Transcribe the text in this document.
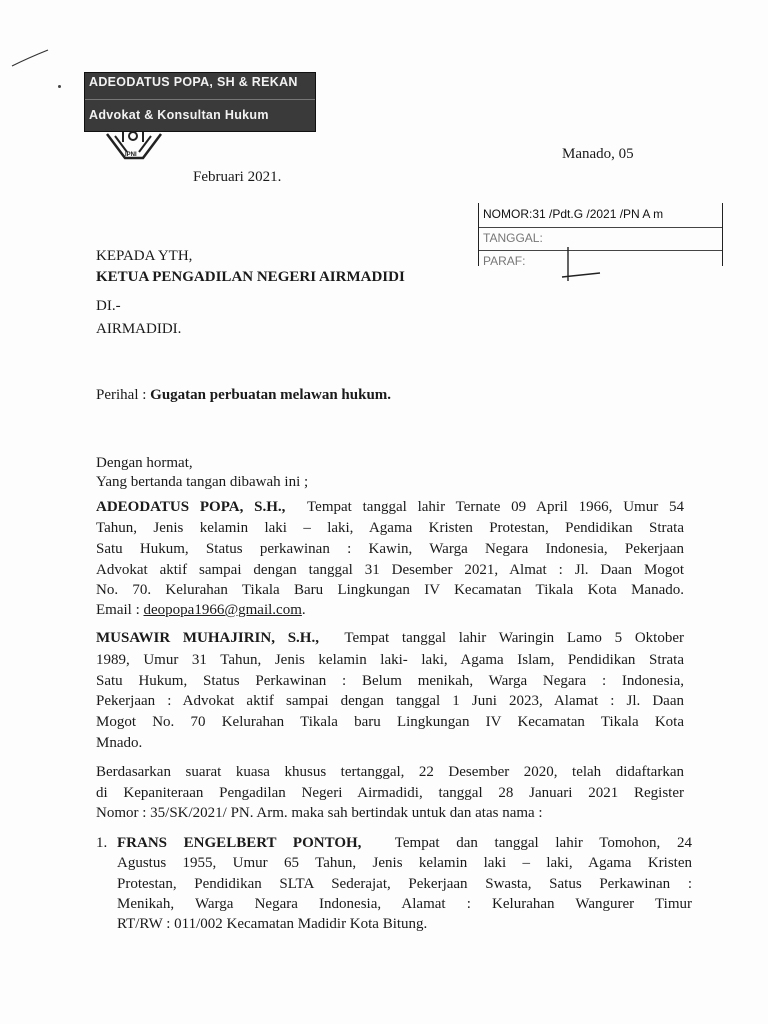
ADEODATUS POPA, SH & REKAN
Advokat & Konsultan Hukum
IPNI	Manado, 05
Februari 2021.
NOMOR:31 /Pdt.G /2021 /PN A m
TANGGAL:
PARAF:
KEPADA YTH,
KETUA PENGADILAN NEGERI AIRMADIDI
DI.-
AIRMADIDI.
Perihal : Gugatan perbuatan melawan hukum.
Dengan hormat,
Yang bertanda tangan dibawah ini ;
ADEODATUS POPA, S.H., Tempat tanggal lahir Ternate 09 April 1966, Umur 54
Tahun, Jenis kelamin laki – laki, Agama Kristen Protestan, Pendidikan Strata
Satu Hukum, Status perkawinan : Kawin, Warga Negara Indonesia, Pekerjaan
Advokat aktif sampai dengan tanggal 31 Desember 2021, Almat : Jl. Daan Mogot
No. 70. Kelurahan Tikala Baru Lingkungan IV Kecamatan Tikala Kota Manado.
Email : deopopa1966@gmail.com.
MUSAWIR MUHAJIRIN, S.H., Tempat tanggal lahir Waringin Lamo 5 Oktober
1989, Umur 31 Tahun, Jenis kelamin laki- laki, Agama Islam, Pendidikan Strata
Satu Hukum, Status Perkawinan : Belum menikah, Warga Negara : Indonesia,
Pekerjaan : Advokat aktif sampai dengan tanggal 1 Juni 2023, Alamat : Jl. Daan
Mogot No. 70 Kelurahan Tikala baru Lingkungan IV Kecamatan Tikala Kota
Mnado.
Berdasarkan suarat kuasa khusus tertanggal, 22 Desember 2020, telah didaftarkan
di Kepaniteraan Pengadilan Negeri Airmadidi, tanggal 28 Januari 2021 Register
Nomor : 35/SK/2021/ PN. Arm. maka sah bertindak untuk dan atas nama :
1. FRANS ENGELBERT PONTOH, Tempat dan tanggal lahir Tomohon, 24
Agustus 1955, Umur 65 Tahun, Jenis kelamin laki – laki, Agama Kristen
Protestan, Pendidikan SLTA Sederajat, Pekerjaan Swasta, Satus Perkawinan :
Menikah, Warga Negara Indonesia, Alamat : Kelurahan Wangurer Timur
RT/RW : 011/002 Kecamatan Madidir Kota Bitung.
